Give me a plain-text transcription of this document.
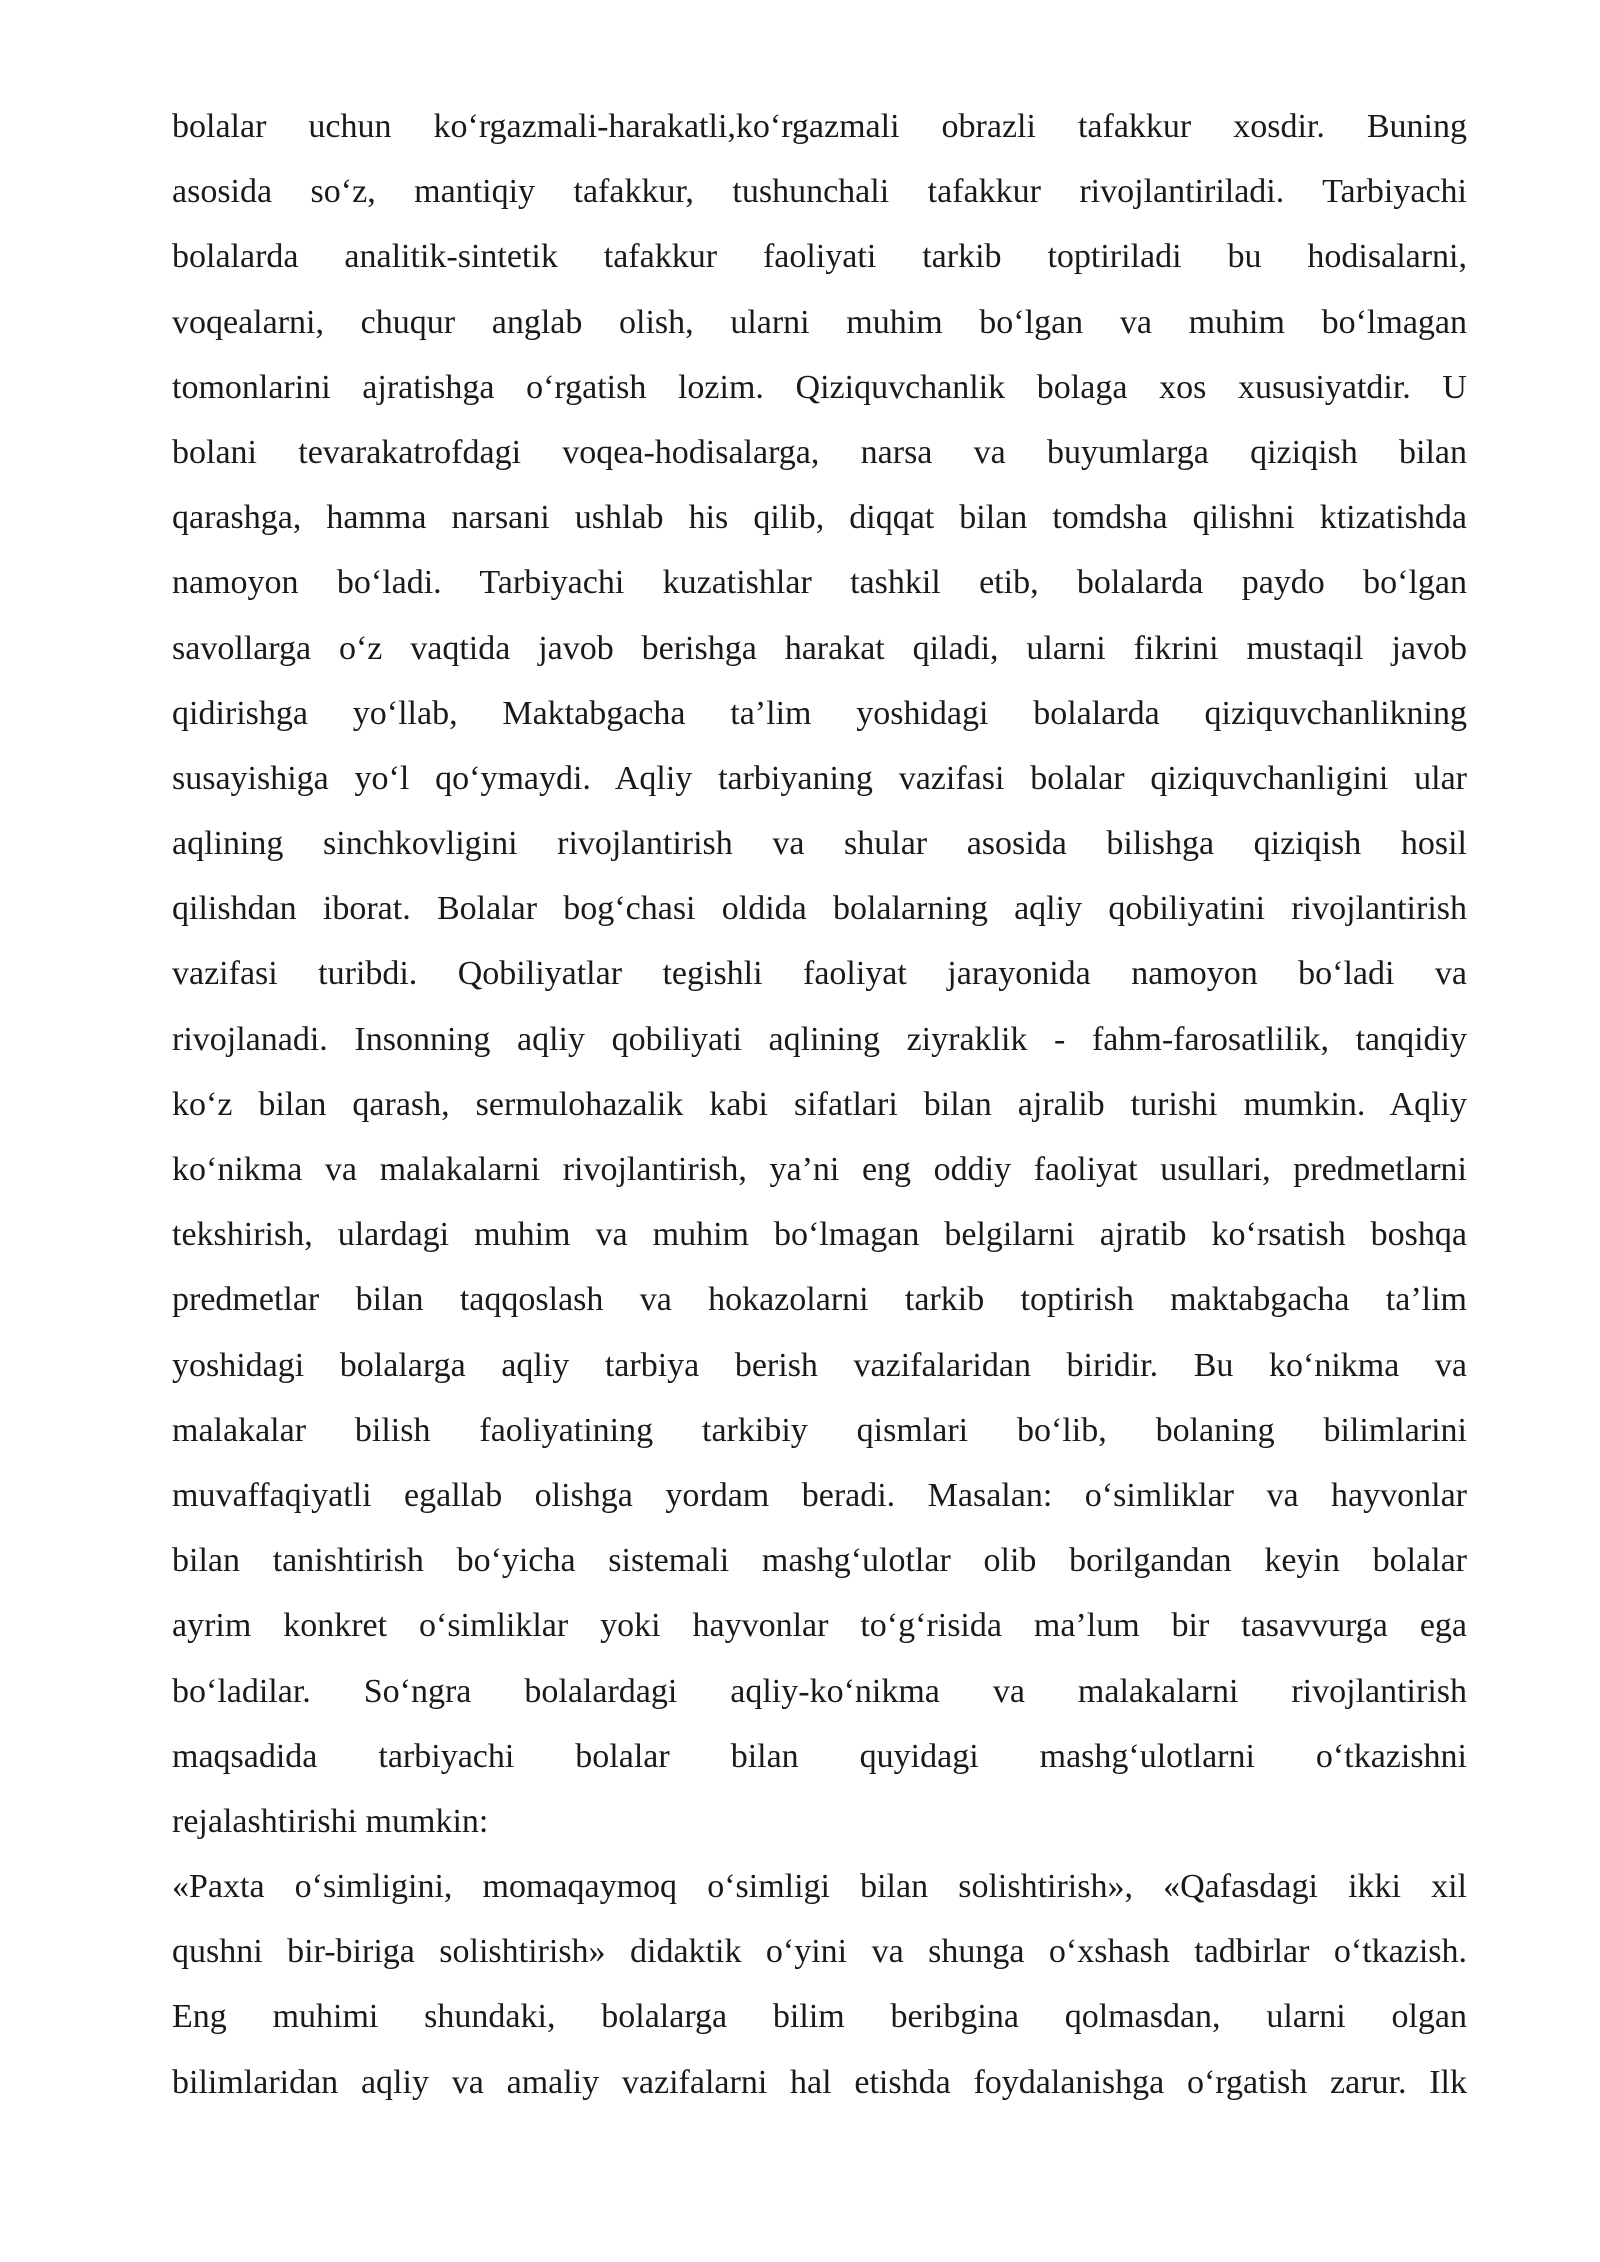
bolalar uchun ko‘rgazmali-harakatli,ko‘rgazmali obrazli tafakkur xosdir. Buning
asosida so‘z, mantiqiy tafakkur, tushunchali tafakkur rivojlantiriladi. Tarbiyachi
bolalarda analitik-sintetik tafakkur faoliyati tarkib toptiriladi bu hodisalarni,
voqealarni, chuqur anglab olish, ularni muhim bo‘lgan va muhim bo‘lmagan
tomonlarini ajratishga o‘rgatish lozim. Qiziquvchanlik bolaga xos xususiyatdir. U
bolani tevarakatrofdagi voqea-hodisalarga, narsa va buyumlarga qiziqish bilan
qarashga, hamma narsani ushlab his qilib, diqqat bilan tomdsha qilishni ktizatishda
namoyon bo‘ladi. Tarbiyachi kuzatishlar tashkil etib, bolalarda paydo bo‘lgan
savollarga o‘z vaqtida javob berishga harakat qiladi, ularni fikrini mustaqil javob
qidirishga yo‘llab, Maktabgacha ta’lim yoshidagi bolalarda qiziquvchanlikning
susayishiga yo‘l qo‘ymaydi. Aqliy tarbiyaning vazifasi bolalar qiziquvchanligini ular
aqlining sinchkovligini rivojlantirish va shular asosida bilishga qiziqish hosil
qilishdan iborat. Bolalar bog‘chasi oldida bolalarning aqliy qobiliyatini rivojlantirish
vazifasi turibdi. Qobiliyatlar tegishli faoliyat jarayonida namoyon bo‘ladi va
rivojlanadi. Insonning aqliy qobiliyati aqlining ziyraklik - fahm-farosatlilik, tanqidiy
ko‘z bilan qarash, sermulohazalik kabi sifatlari bilan ajralib turishi mumkin. Aqliy
ko‘nikma va malakalarni rivojlantirish, ya’ni eng oddiy faoliyat usullari, predmetlarni
tekshirish, ulardagi muhim va muhim bo‘lmagan belgilarni ajratib ko‘rsatish boshqa
predmetlar bilan taqqoslash va hokazolarni tarkib toptirish maktabgacha ta’lim
yoshidagi bolalarga aqliy tarbiya berish vazifalaridan biridir. Bu ko‘nikma va
malakalar bilish faoliyatining tarkibiy qismlari bo‘lib, bolaning bilimlarini
muvaffaqiyatli egallab olishga yordam beradi. Masalan: o‘simliklar va hayvonlar
bilan tanishtirish bo‘yicha sistemali mashg‘ulotlar olib borilgandan keyin bolalar
ayrim konkret o‘simliklar yoki hayvonlar to‘g‘risida ma’lum bir tasavvurga ega
bo‘ladilar. So‘ngra bolalardagi aqliy-ko‘nikma va malakalarni rivojlantirish
maqsadida tarbiyachi bolalar bilan quyidagi mashg‘ulotlarni o‘tkazishni
rejalashtirishi mumkin:
«Paxta o‘simligini, momaqaymoq o‘simligi bilan solishtirish», «Qafasdagi ikki xil
qushni bir-biriga solishtirish» didaktik o‘yini va shunga o‘xshash tadbirlar o‘tkazish.
Eng muhimi shundaki, bolalarga bilim beribgina qolmasdan, ularni olgan
bilimlaridan aqliy va amaliy vazifalarni hal etishda foydalanishga o‘rgatish zarur. Ilk
